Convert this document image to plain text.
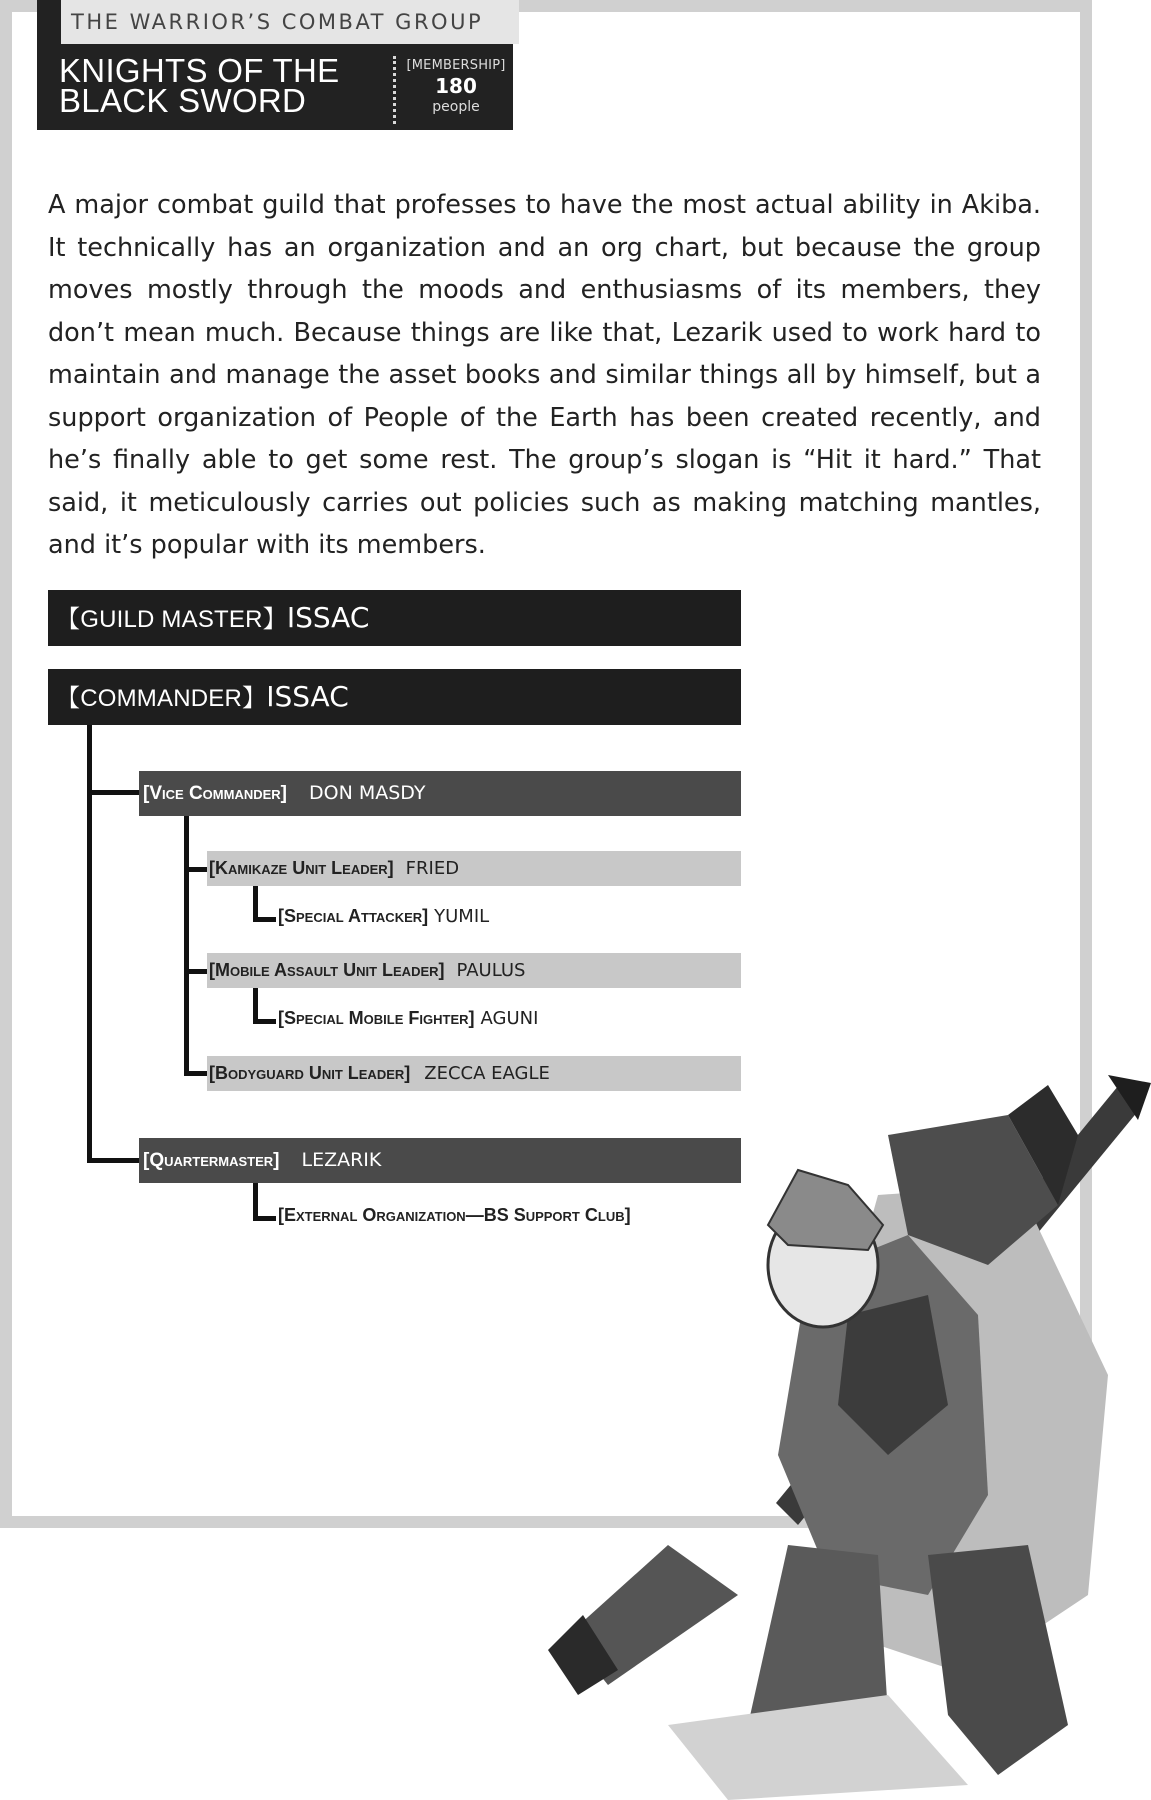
THE WARRIOR’S COMBAT GROUP
KNIGHTS OF THE
BLACK SWORD
[MEMBERSHIP]
180
people
A major combat guild that professes to have the most actual ability in Akiba. It technically has an organization and an org chart, but because the group moves mostly through the moods and enthusiasms of its members, they don’t mean much. Because things are like that, Lezarik used to work hard to maintain and manage the asset books and similar things all by himself, but a support organization of People of the Earth has been created recently, and he’s finally able to get some rest. The group’s slogan is “Hit it hard.” That said, it meticulously carries out policies such as making matching mantles, and it’s popular with its members.
【GUILD MASTER】ISSAC
【COMMANDER】ISSAC
[Vice Commander] DON MASDY
[Kamikaze Unit Leader] FRIED
[Special Attacker] YUMIL
[Mobile Assault Unit Leader] PAULUS
[Special Mobile Fighter] AGUNI
[Bodyguard Unit Leader] ZECCA EAGLE
[Quartermaster] LEZARIK
[External Organization—BS Support Club]
